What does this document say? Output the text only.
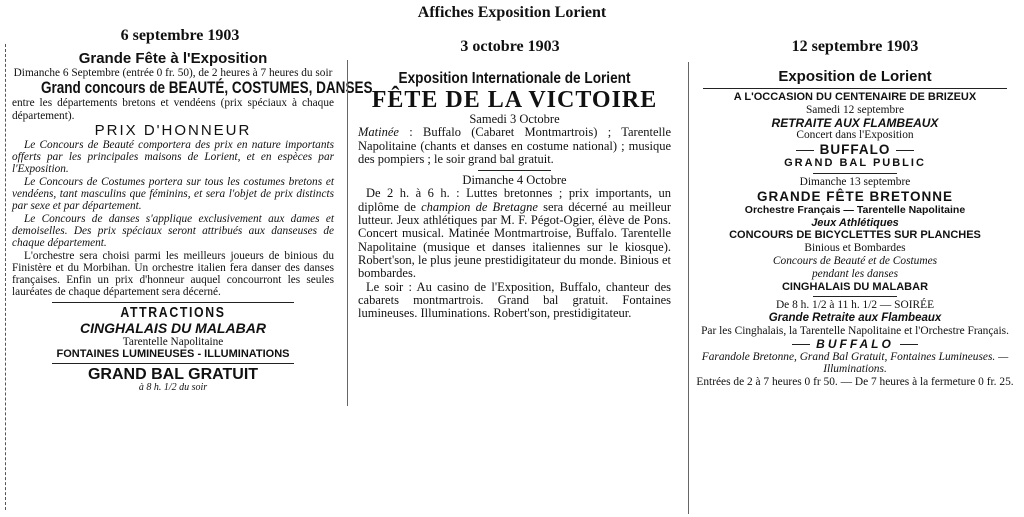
Affiches Exposition Lorient
6 septembre 1903
3 octobre 1903	12 septembre 1903

Grande Fête à l'Exposition

Dimanche 6 Septembre (entrée 0 fr. 50), de 2 heures à 7 heures du soir

Grand concours de BEAUTÉ, COSTUMES, DANSES

entre les départements bretons et vendéens (prix spéciaux à chaque département).

PRIX D'HONNEUR

Le Concours de Beauté comportera des prix en nature importants offerts par les principales maisons de Lorient, et en espèces par l'Exposition.

Le Concours de Costumes portera sur tous les costumes bretons et vendéens, tant masculins que féminins, et sera l'objet de prix distincts par sexe et par département.

Le Concours de danses s'applique exclusivement aux dames et demoiselles. Des prix spéciaux seront attribués aux danseuses de chaque département.

L'orchestre sera choisi parmi les meilleurs joueurs de binious du Finistère et du Morbihan. Un orchestre italien fera danser des danses françaises. Enfin un prix d'honneur auquel concourront les seules lauréates de chaque département sera décerné.

ATTRACTIONS

CINGHALAIS DU MALABAR

Tarentelle Napolitaine

FONTAINES LUMINEUSES - ILLUMINATIONS

GRAND BAL GRATUIT

à 8 h. 1/2 du soir

Exposition Internationale de Lorient

FÊTE DE LA VICTOIRE

Samedi 3 Octobre

Matinée : Buffalo (Cabaret Montmartrois) ; Tarentelle Napolitaine (chants et danses en costume national) ; musique des pompiers ; le soir grand bal gratuit.

Dimanche 4 Octobre

De 2 h. à 6 h. : Luttes bretonnes ; prix importants, un diplôme de champion de Bretagne sera décerné au meilleur lutteur. Jeux athlétiques par M. F. Pégot-Ogier, élève de Pons. Concert musical. Matinée Montmartroise, Buffalo. Tarentelle Napolitaine (musique et danses italiennes sur le kiosque). Robert'son, le plus jeune prestidigitateur du monde. Binious et bombardes.

Le soir : Au casino de l'Exposition, Buffalo, chanteur des cabarets montmartrois. Grand bal gratuit. Fontaines lumineuses. Illuminations. Robert'son, prestidigitateur.

Exposition de Lorient

A L'OCCASION DU CENTENAIRE DE BRIZEUX

Samedi 12 septembre

RETRAITE AUX FLAMBEAUX

Concert dans l'Exposition

BUFFALO

GRAND BAL PUBLIC

Dimanche 13 septembre

GRANDE FÊTE BRETONNE

Orchestre Français — Tarentelle Napolitaine

Jeux Athlétiques

CONCOURS DE BICYCLETTES SUR PLANCHES

Binious et Bombardes

Concours de Beauté et de Costumes

pendant les danses

CINGHALAIS DU MALABAR

De 8 h. 1/2 à 11 h. 1/2 — SOIRÉE

Grande Retraite aux Flambeaux

Par les Cinghalais, la Tarentelle Napolitaine et l'Orchestre Français.

BUFFALO

Farandole Bretonne, Grand Bal Gratuit, Fontaines Lumineuses. — Illuminations.

Entrées de 2 à 7 heures 0 fr 50. — De 7 heures à la fermeture 0 fr. 25.
